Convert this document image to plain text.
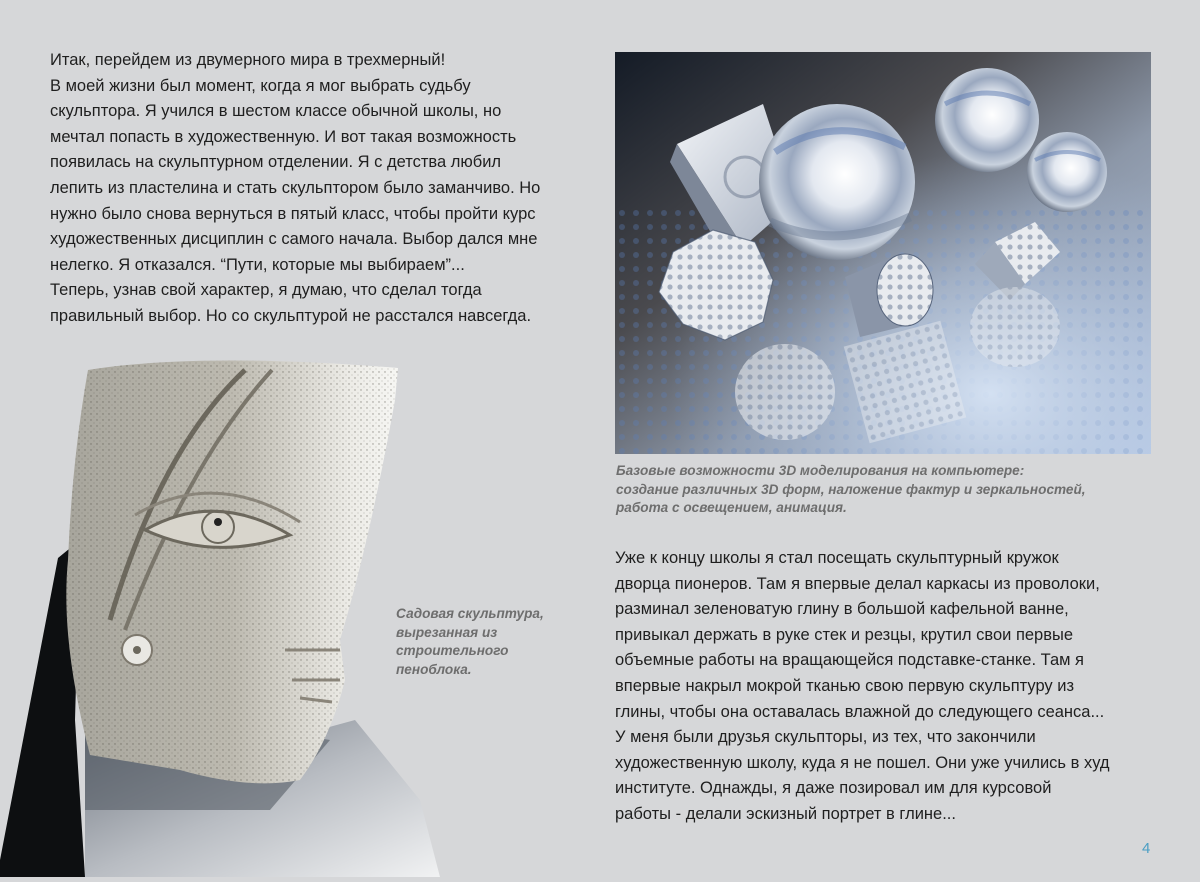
Итак, перейдем из двумерного мира в трехмерный!
В моей жизни был момент, когда я мог выбрать судьбу
скульптора. Я учился в шестом классе обычной школы, но
мечтал попасть в художественную. И вот такая возможность
появилась на скульптурном отделении. Я с детства любил
лепить из пластелина и стать скульптором было заманчиво. Но
нужно было снова вернуться в пятый класс, чтобы пройти курс
художественных дисциплин с самого начала. Выбор дался мне
нелегко. Я отказался. “Пути, которые мы выбираем”...
Теперь, узнав свой характер, я думаю, что сделал тогда
правильный выбор. Но со скульптурой не расстался навсегда.

Базовые возможности 3D моделирования на компьютере:
создание различных 3D форм, наложение фактур и зеркальностей,
работа с освещением, анимация.

Садовая скульптура,
вырезанная из
строительного
пеноблока.

Уже к концу школы я стал посещать скульптурный кружок
дворца пионеров. Там я впервые делал каркасы из проволоки,
разминал зеленоватую глину в большой кафельной ванне,
привыкал держать в руке стек и резцы, крутил свои первые
объемные работы на вращающейся подставке-станке. Там я
впервые накрыл мокрой тканью свою первую скульптуру из
глины, чтобы она оставалась влажной до следующего сеанса...
У меня были друзья скульпторы, из тех, что закончили
художественную школу, куда я не пошел. Они уже учились в худ
институте. Однажды, я даже позировал им для курсовой
работы - делали эскизный портрет в глине...

4
